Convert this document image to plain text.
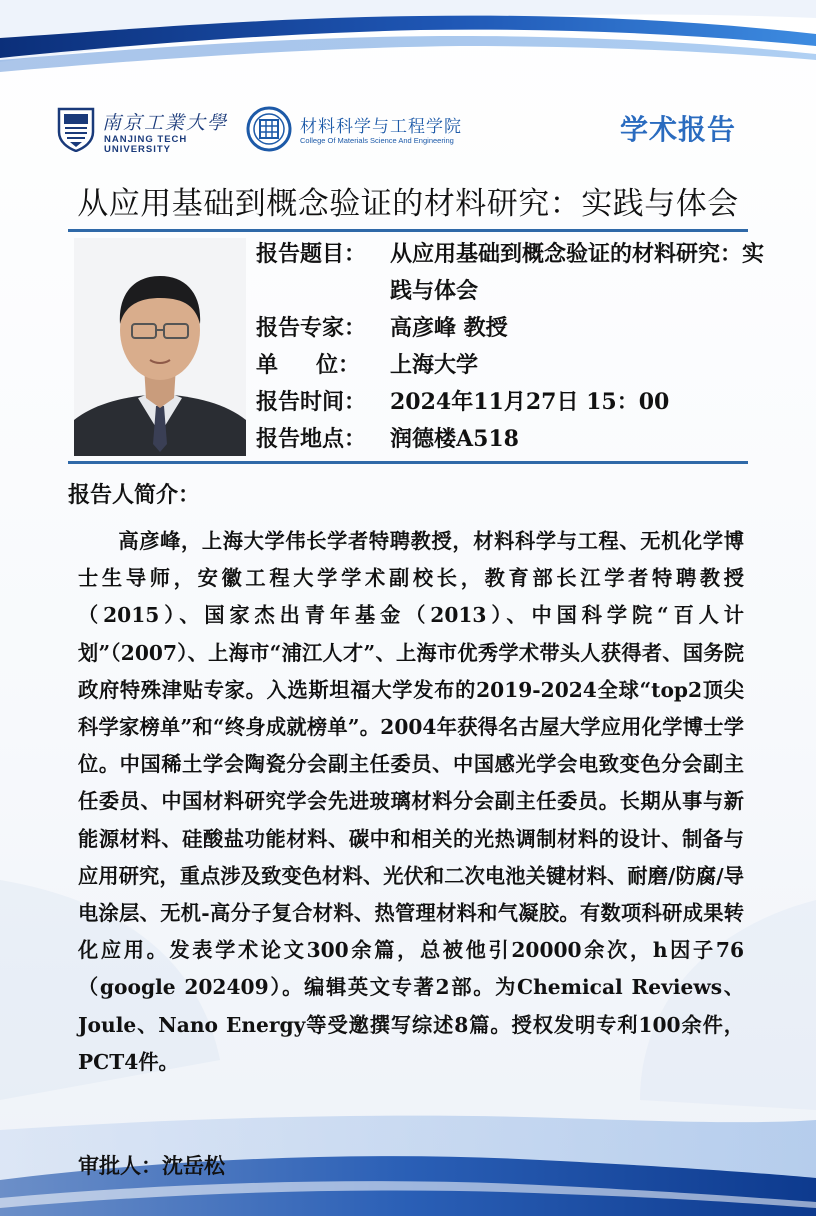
南京工業大學
NANJING TECH
UNIVERSITY
材料科学与工程学院
College Of Materials Science And Engineering	学术报告
从应用基础到概念验证的材料研究：实践与体会
报告题目：	从应用基础到概念验证的材料研究：实践与体会
报告专家：	高彦峰 教授
单 位：	上海大学
报告时间：	2024年11月27日 15：00
报告地点：	润德楼A518
报告人简介：
高彦峰，上海大学伟长学者特聘教授，材料科学与工程、无机化学博士生导师，安徽工程大学学术副校长，教育部长江学者特聘教授（2015）、国家杰出青年基金（2013）、中国科学院“百人计划”（2007）、上海市“浦江人才”、上海市优秀学术带头人获得者、国务院政府特殊津贴专家。入选斯坦福大学发布的2019-2024全球“top2顶尖科学家榜单”和“终身成就榜单”。2004年获得名古屋大学应用化学博士学位。中国稀土学会陶瓷分会副主任委员、中国感光学会电致变色分会副主任委员、中国材料研究学会先进玻璃材料分会副主任委员。长期从事与新能源材料、硅酸盐功能材料、碳中和相关的光热调制材料的设计、制备与应用研究，重点涉及致变色材料、光伏和二次电池关键材料、耐磨/防腐/导电涂层、无机-高分子复合材料、热管理材料和气凝胶。有数项科研成果转化应用。发表学术论文300余篇，总被他引20000余次，h因子76（google 202409）。编辑英文专著2部。为Chemical Reviews、Joule、Nano Energy等受邀撰写综述8篇。授权发明专利100余件，PCT4件。
审批人：沈岳松
